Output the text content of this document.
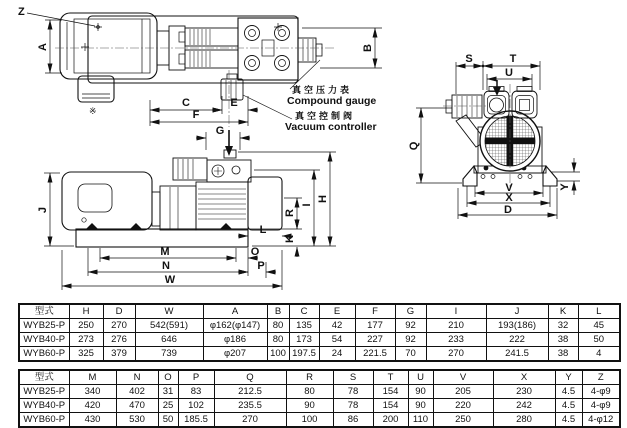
Z
A	B
C	E
F
G
J
H
I
R
K
L
M	O
N	P
W
S	T
U
Q
V
X
D
Y
※
真空压力表
Compound gauge
真空控制阀
Vacuum controller
型式	H	D	W	A	B	C	E	F	G	I	J	K	L
WYB25-P	250	270	542(591)	φ162(φ147)	80	135	42	177	92	210	193(186)	32	45
WYB40-P	273	276	646	φ186	80	173	54	227	92	233	222	38	50
WYB60-P	325	379	739	φ207	100	197.5	24	221.5	70	270	241.5	38	4
型式	M	N	O	P	Q	R	S	T	U	V	X	Y	Z
WYB25-P	340	402	31	83	212.5	80	78	154	90	205	230	4.5	4-φ9
WYB40-P	420	470	25	102	235.5	90	78	154	90	220	242	4.5	4-φ9
WYB60-P	430	530	50	185.5	270	100	86	200	110	250	280	4.5	4-φ12
